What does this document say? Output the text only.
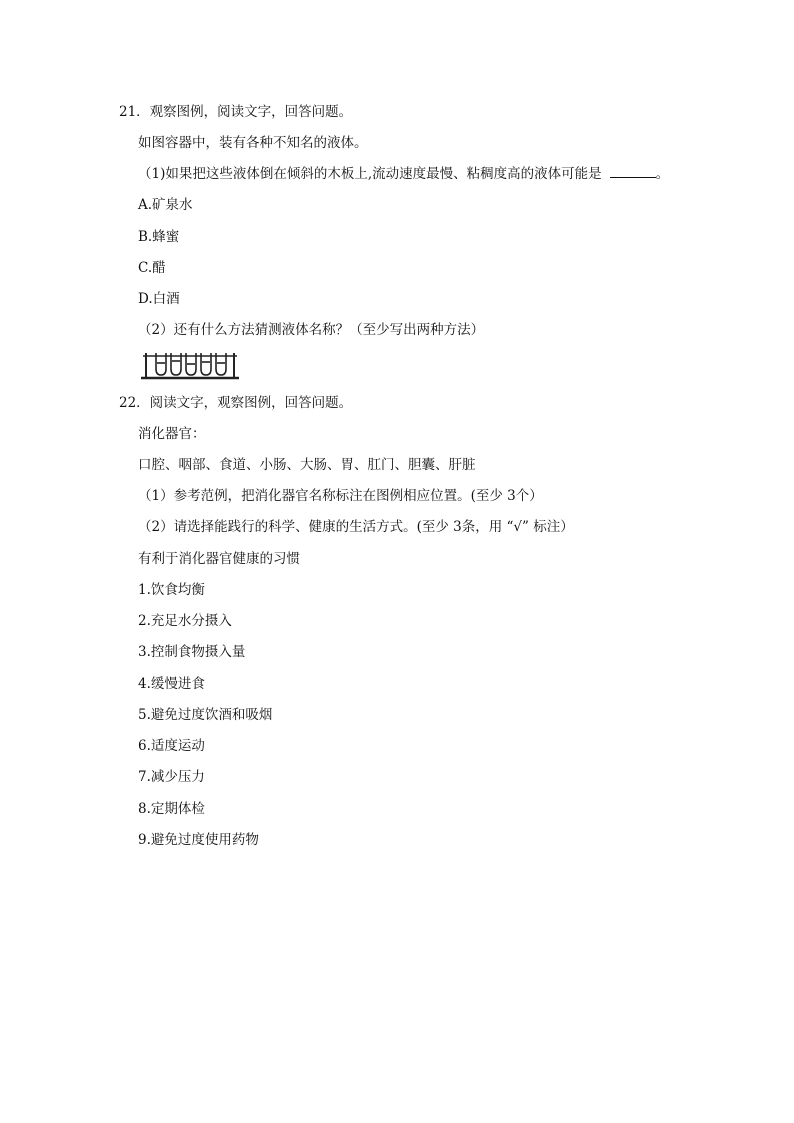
21．观察图例，阅读文字，回答问题。
如图容器中，装有各种不知名的液体。
（1)如果把这些液体倒在倾斜的木板上,流动速度最慢、粘稠度高的液体可能是	。
A.矿泉水
B.蜂蜜
C.醋
D.白酒
（2）还有什么方法猜测液体名称？（至少写出两种方法）
22．阅读文字，观察图例，回答问题。
消化器官：
口腔、咽部、食道、小肠、大肠、胃、肛门、胆囊、肝脏
（1）参考范例，把消化器官名称标注在图例相应位置。(至少 3个）
（2）请选择能践行的科学、健康的生活方式。(至少 3条，用 “√” 标注）
有利于消化器官健康的习惯
1.饮食均衡
2.充足水分摄入
3.控制食物摄入量
4.缓慢进食
5.避免过度饮酒和吸烟
6.适度运动
7.减少压力
8.定期体检
9.避免过度使用药物
